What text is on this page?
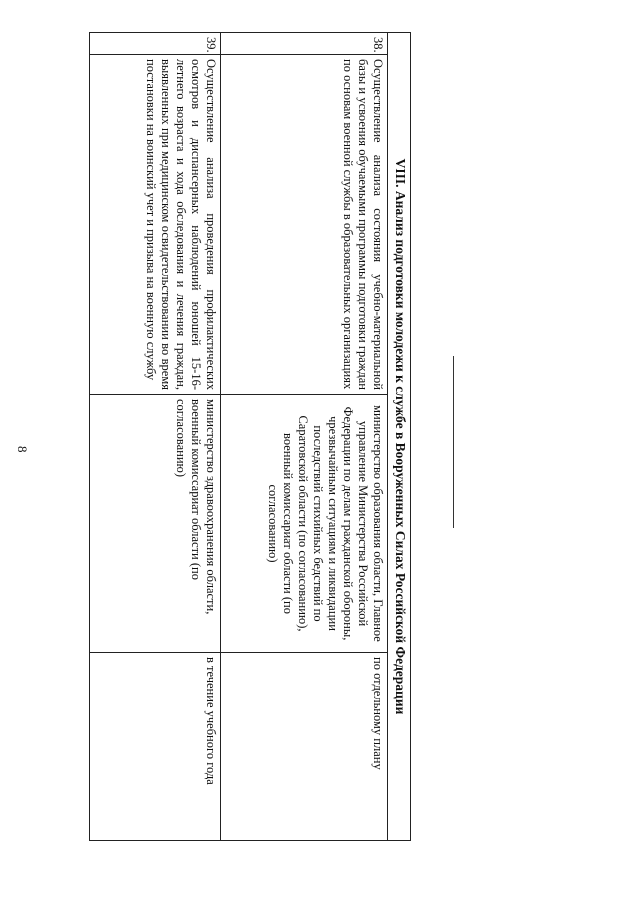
8	VIII. Анализ подготовки молодежи к службе в Вооруженных Силах Российской Федерации			
38.	Осуществление анализа состояния учебно-материальной базы и усвоения обучаемыми программы подготовки граждан по основам военной службы в образовательных организациях	министерство образования области, Главное управление Министерства Российской Федерации по делам гражданской обороны, чрезвычайным ситуациям и ликвидации последствий стихийных бедствий по Саратовской области (по согласованию), военный комиссариат области (по согласованию)	по отдельному плану
39.	Осуществление анализа проведения профилактических осмотров и диспансерных наблюдений юношей 15-16-летнего возраста и хода обследования и лечения граждан, выявленных при медицинском освидетельствовании во время постановки на воинский учет и призыва на военную службу	министерство здравоохранения области, военный комиссариат области (по согласованию)	в течение учебного года
